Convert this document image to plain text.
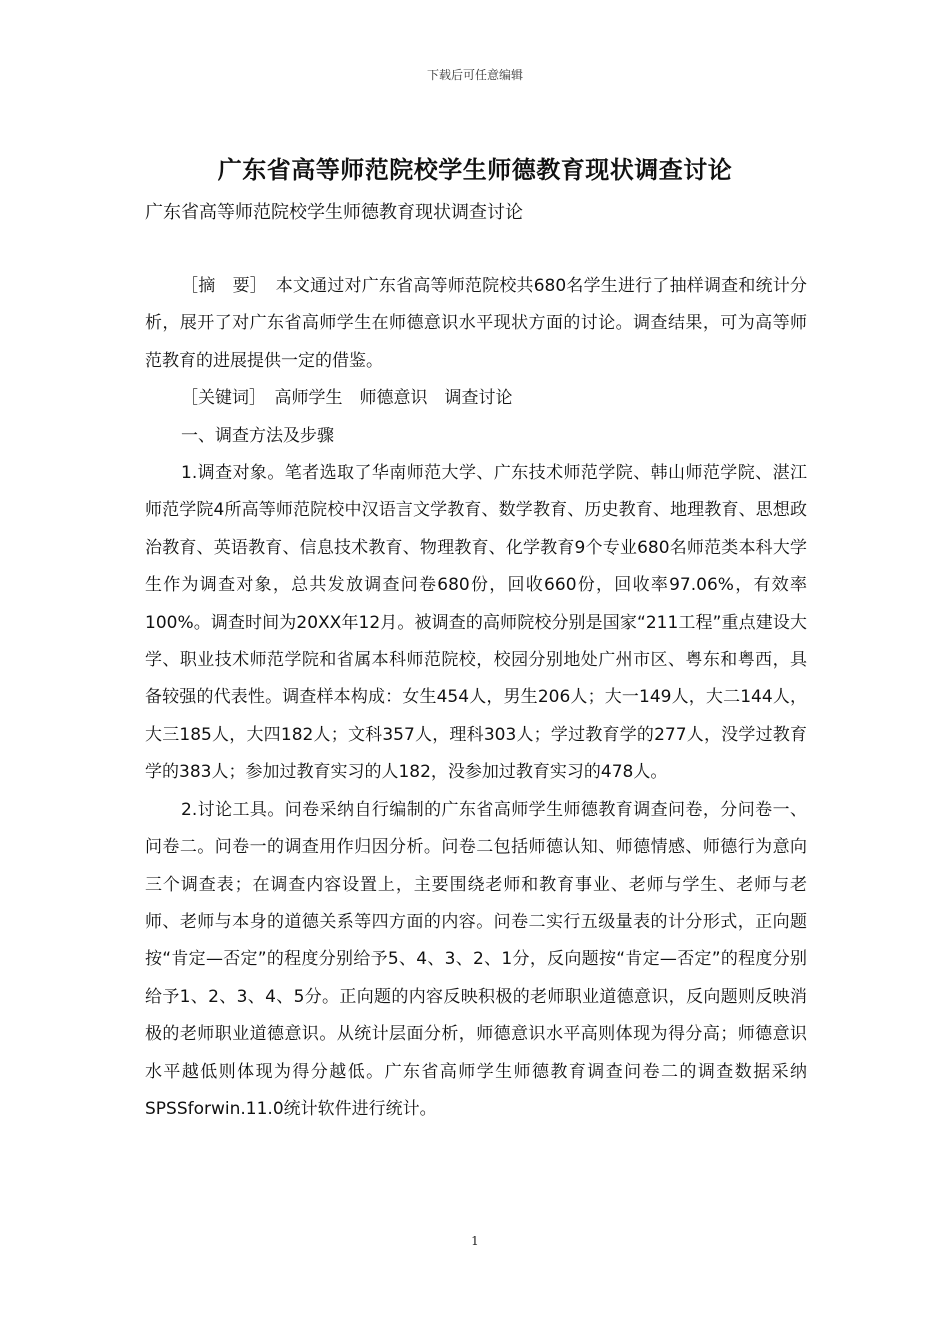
下载后可任意编辑
广东省高等师范院校学生师德教育现状调查讨论
广东省高等师范院校学生师德教育现状调查讨论

［摘　要］　本文通过对广东省高等师范院校共680名学生进行了抽样调查和统计分析，展开了对广东省高师学生在师德意识水平现状方面的讨论。调查结果，可为高等师范教育的进展提供一定的借鉴。

［关键词］　高师学生　师德意识　调查讨论

一、调查方法及步骤

1.调查对象。笔者选取了华南师范大学、广东技术师范学院、韩山师范学院、湛江师范学院4所高等师范院校中汉语言文学教育、数学教育、历史教育、地理教育、思想政治教育、英语教育、信息技术教育、物理教育、化学教育9个专业680名师范类本科大学生作为调查对象，总共发放调查问卷680份，回收660份，回收率97.06%，有效率100%。调查时间为20XX年12月。被调查的高师院校分别是国家“211工程”重点建设大学、职业技术师范学院和省属本科师范院校，校园分别地处广州市区、粤东和粤西，具备较强的代表性。调查样本构成：女生454人，男生206人；大一149人，大二144人，大三185人，大四182人；文科357人，理科303人；学过教育学的277人，没学过教育学的383人；参加过教育实习的人182，没参加过教育实习的478人。

2.讨论工具。问卷采纳自行编制的广东省高师学生师德教育调查问卷，分问卷一、问卷二。问卷一的调查用作归因分析。问卷二包括师德认知、师德情感、师德行为意向三个调查表；在调查内容设置上，主要围绕老师和教育事业、老师与学生、老师与老师、老师与本身的道德关系等四方面的内容。问卷二实行五级量表的计分形式，正向题按“肯定—否定”的程度分别给予5、4、3、2、1分，反向题按“肯定—否定”的程度分别给予1、2、3、4、5分。正向题的内容反映积极的老师职业道德意识，反向题则反映消极的老师职业道德意识。从统计层面分析，师德意识水平高则体现为得分高；师德意识水平越低则体现为得分越低。广东省高师学生师德教育调查问卷二的调查数据采纳SPSSforwin.11.0统计软件进行统计。

1
